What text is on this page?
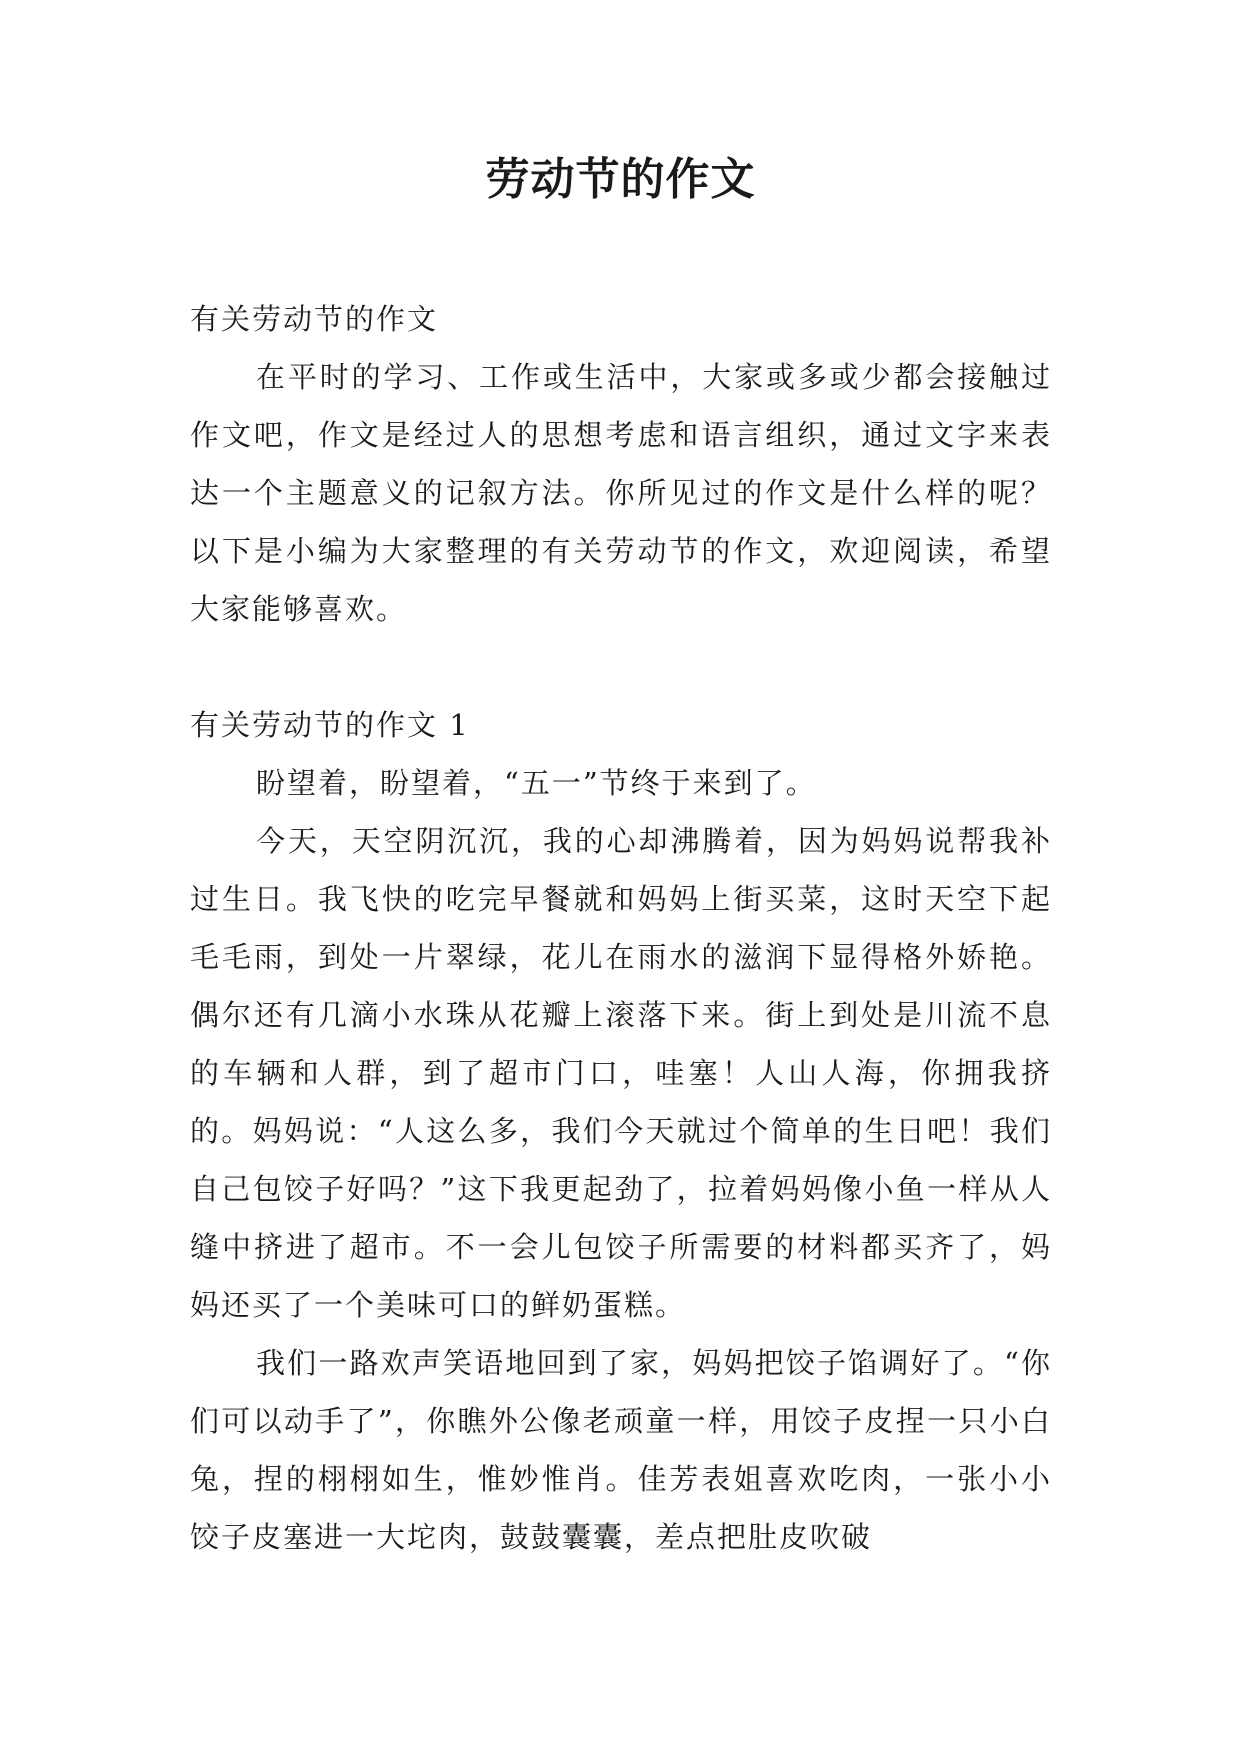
劳动节的作文

有关劳动节的作文

在平时的学习、工作或生活中，大家或多或少都会接触过作文吧，作文是经过人的思想考虑和语言组织，通过文字来表达一个主题意义的记叙方法。你所见过的作文是什么样的呢？以下是小编为大家整理的有关劳动节的作文，欢迎阅读，希望大家能够喜欢。

有关劳动节的作文 1

盼望着，盼望着，“五一”节终于来到了。

今天，天空阴沉沉，我的心却沸腾着，因为妈妈说帮我补过生日。我飞快的吃完早餐就和妈妈上街买菜，这时天空下起毛毛雨，到处一片翠绿，花儿在雨水的滋润下显得格外娇艳。偶尔还有几滴小水珠从花瓣上滚落下来。街上到处是川流不息的车辆和人群，到了超市门口，哇塞！人山人海，你拥我挤的。妈妈说：“人这么多，我们今天就过个简单的生日吧！我们自己包饺子好吗？”这下我更起劲了，拉着妈妈像小鱼一样从人缝中挤进了超市。不一会儿包饺子所需要的材料都买齐了，妈妈还买了一个美味可口的鲜奶蛋糕。

我们一路欢声笑语地回到了家，妈妈把饺子馅调好了。“你们可以动手了”，你瞧外公像老顽童一样，用饺子皮捏一只小白兔，捏的栩栩如生，惟妙惟肖。佳芳表姐喜欢吃肉，一张小小饺子皮塞进一大坨肉，鼓鼓囊囊，差点把肚皮吹破
